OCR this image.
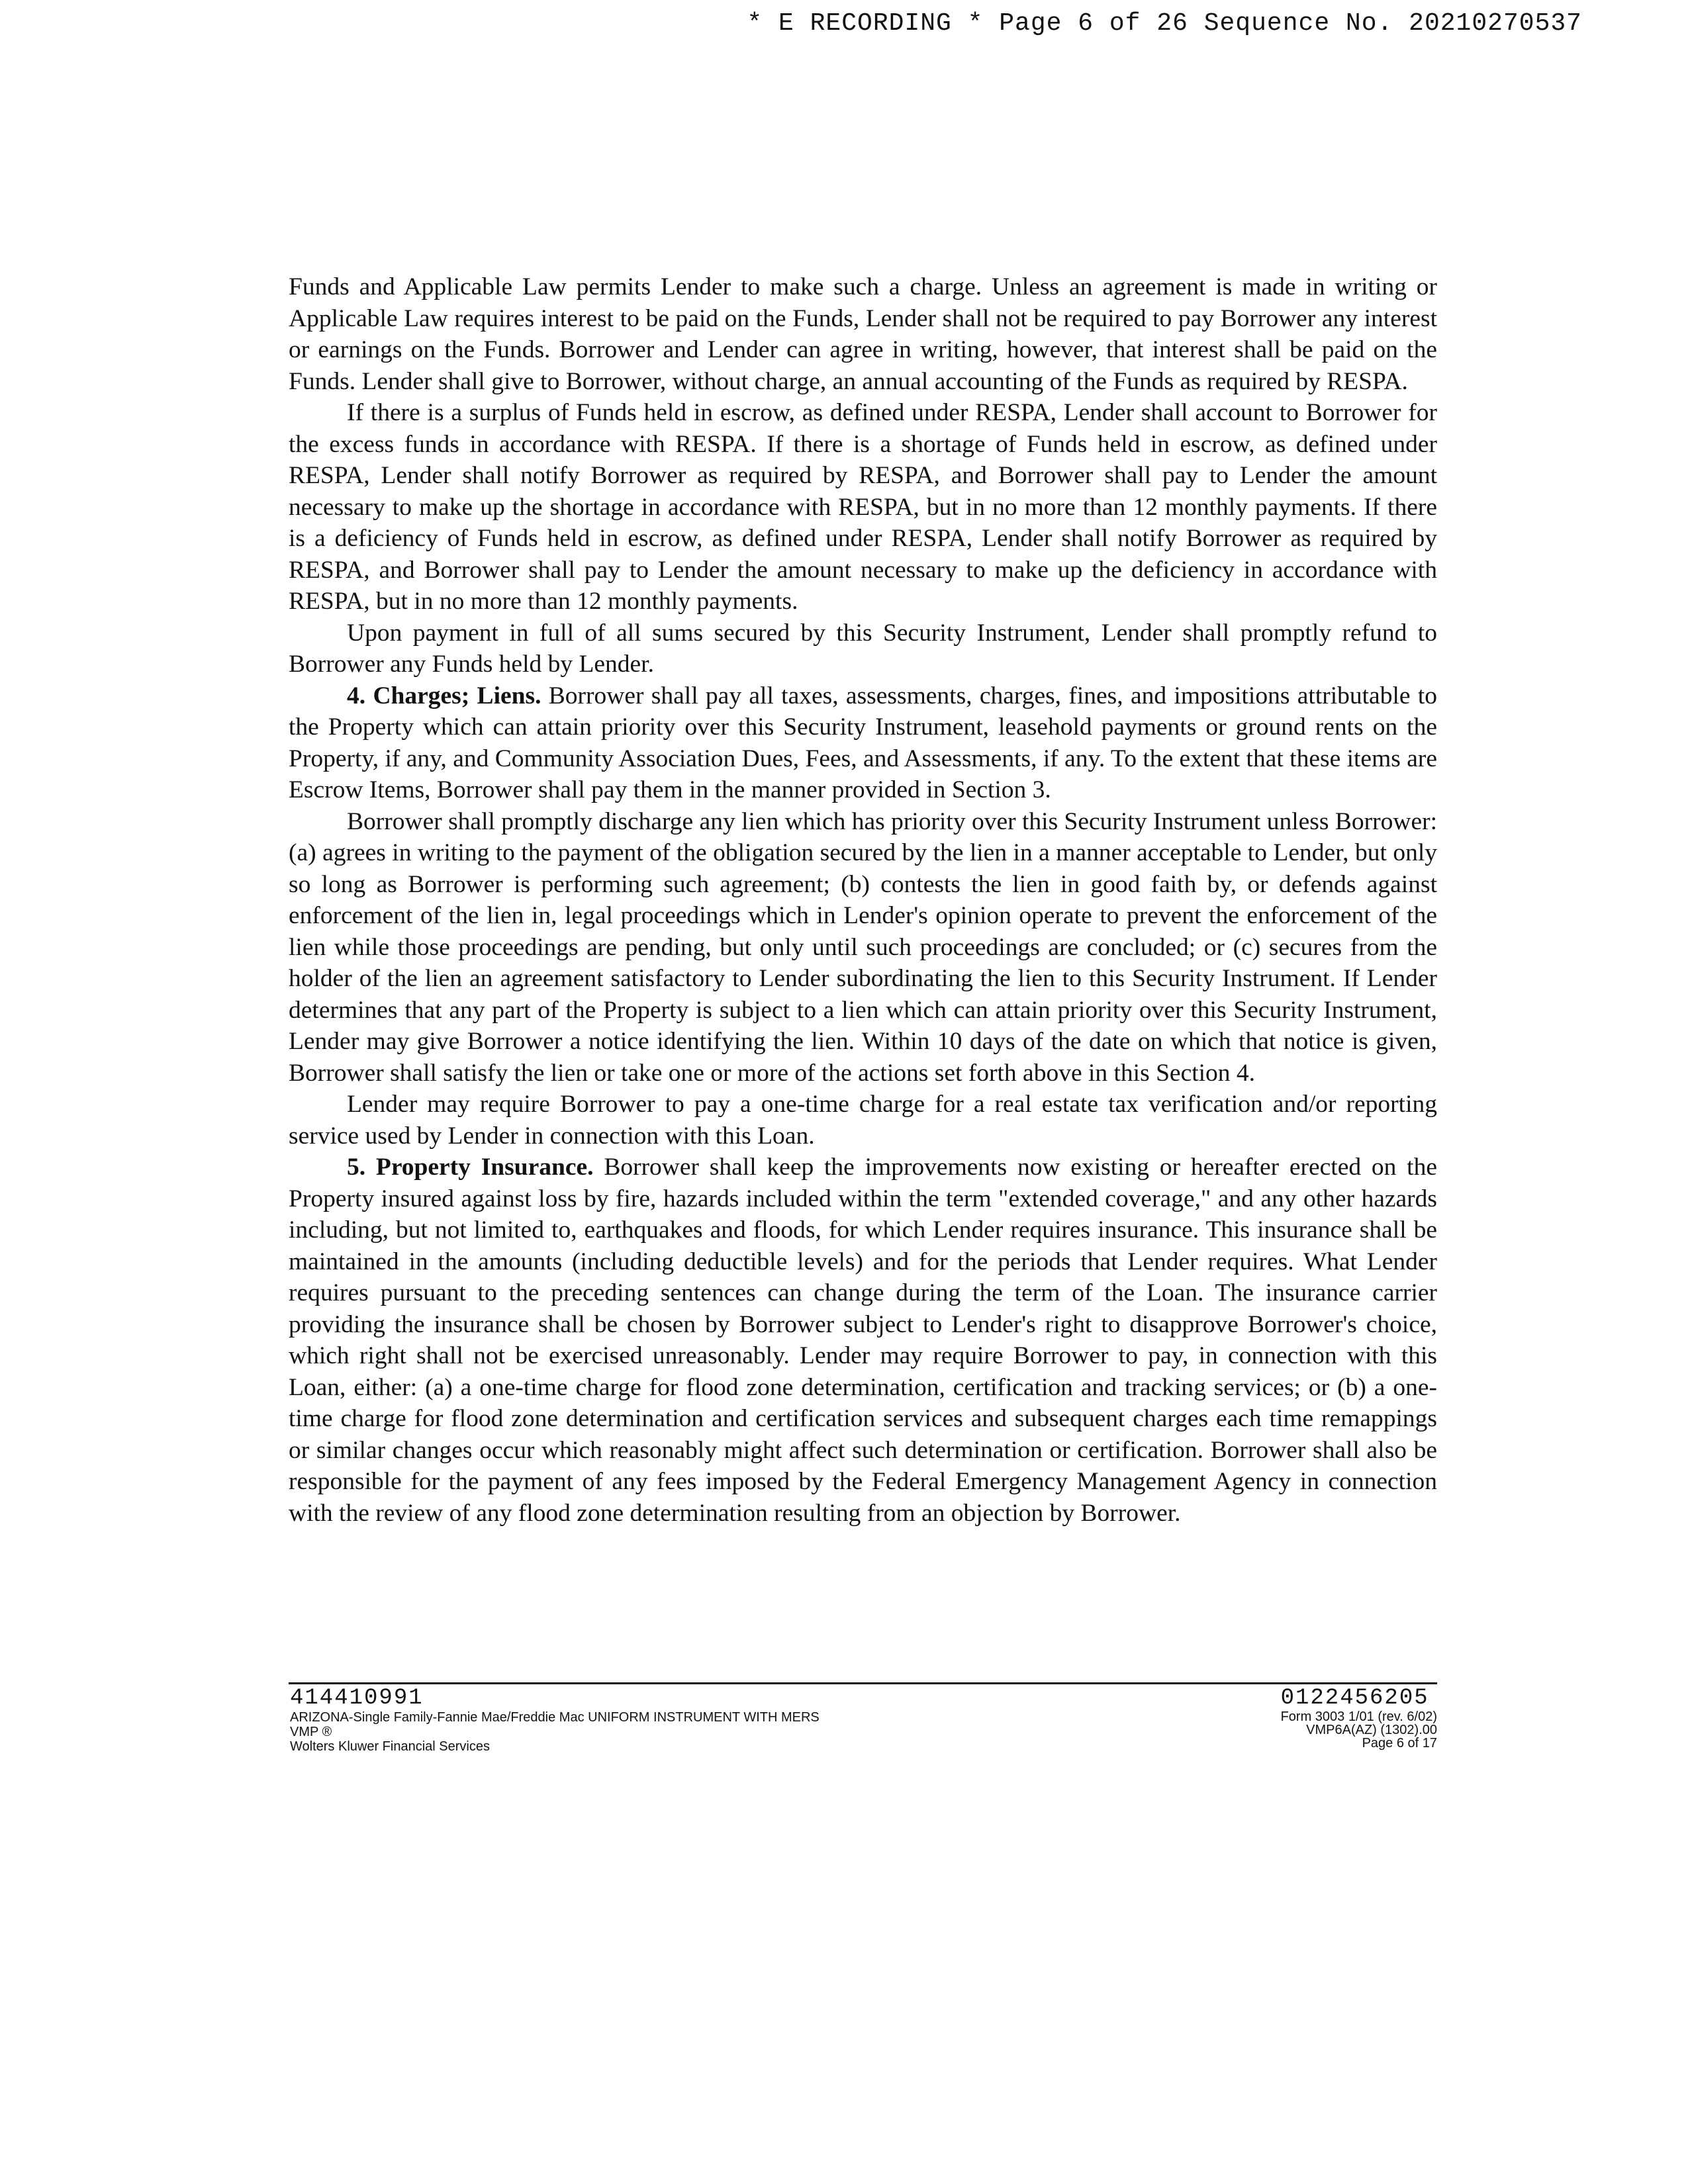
* E RECORDING * Page 6 of 26 Sequence No. 20210270537

Funds and Applicable Law permits Lender to make such a charge. Unless an agreement is made in writing or Applicable Law requires interest to be paid on the Funds, Lender shall not be required to pay Borrower any interest or earnings on the Funds. Borrower and Lender can agree in writing, however, that interest shall be paid on the Funds. Lender shall give to Borrower, without charge, an annual accounting of the Funds as required by RESPA.

If there is a surplus of Funds held in escrow, as defined under RESPA, Lender shall account to Borrower for the excess funds in accordance with RESPA. If there is a shortage of Funds held in escrow, as defined under RESPA, Lender shall notify Borrower as required by RESPA, and Borrower shall pay to Lender the amount necessary to make up the shortage in accordance with RESPA, but in no more than 12 monthly payments. If there is a deficiency of Funds held in escrow, as defined under RESPA, Lender shall notify Borrower as required by RESPA, and Borrower shall pay to Lender the amount necessary to make up the deficiency in accordance with RESPA, but in no more than 12 monthly payments.

Upon payment in full of all sums secured by this Security Instrument, Lender shall promptly refund to Borrower any Funds held by Lender.

4. Charges; Liens. Borrower shall pay all taxes, assessments, charges, fines, and impositions attributable to the Property which can attain priority over this Security Instrument, leasehold payments or ground rents on the Property, if any, and Community Association Dues, Fees, and Assessments, if any. To the extent that these items are Escrow Items, Borrower shall pay them in the manner provided in Section 3.

Borrower shall promptly discharge any lien which has priority over this Security Instrument unless Borrower: (a) agrees in writing to the payment of the obligation secured by the lien in a manner acceptable to Lender, but only so long as Borrower is performing such agreement; (b) contests the lien in good faith by, or defends against enforcement of the lien in, legal proceedings which in Lender's opinion operate to prevent the enforcement of the lien while those proceedings are pending, but only until such proceedings are concluded; or (c) secures from the holder of the lien an agreement satisfactory to Lender subordinating the lien to this Security Instrument. If Lender determines that any part of the Property is subject to a lien which can attain priority over this Security Instrument, Lender may give Borrower a notice identifying the lien. Within 10 days of the date on which that notice is given, Borrower shall satisfy the lien or take one or more of the actions set forth above in this Section 4.

Lender may require Borrower to pay a one-time charge for a real estate tax verification and/or reporting service used by Lender in connection with this Loan.

5. Property Insurance. Borrower shall keep the improvements now existing or hereafter erected on the Property insured against loss by fire, hazards included within the term "extended coverage," and any other hazards including, but not limited to, earthquakes and floods, for which Lender requires insurance. This insurance shall be maintained in the amounts (including deductible levels) and for the periods that Lender requires. What Lender requires pursuant to the preceding sentences can change during the term of the Loan. The insurance carrier providing the insurance shall be chosen by Borrower subject to Lender's right to disapprove Borrower's choice, which right shall not be exercised unreasonably. Lender may require Borrower to pay, in connection with this Loan, either: (a) a one-time charge for flood zone determination, certification and tracking services; or (b) a one-time charge for flood zone determination and certification services and subsequent charges each time remappings or similar changes occur which reasonably might affect such determination or certification. Borrower shall also be responsible for the payment of any fees imposed by the Federal Emergency Management Agency in connection with the review of any flood zone determination resulting from an objection by Borrower.

414410991
ARIZONA-Single Family-Fannie Mae/Freddie Mac UNIFORM INSTRUMENT WITH MERS
VMP ®
Wolters Kluwer Financial Services
0122456205
Form 3003 1/01 (rev. 6/02)
VMP6A(AZ) (1302).00
Page 6 of 17
